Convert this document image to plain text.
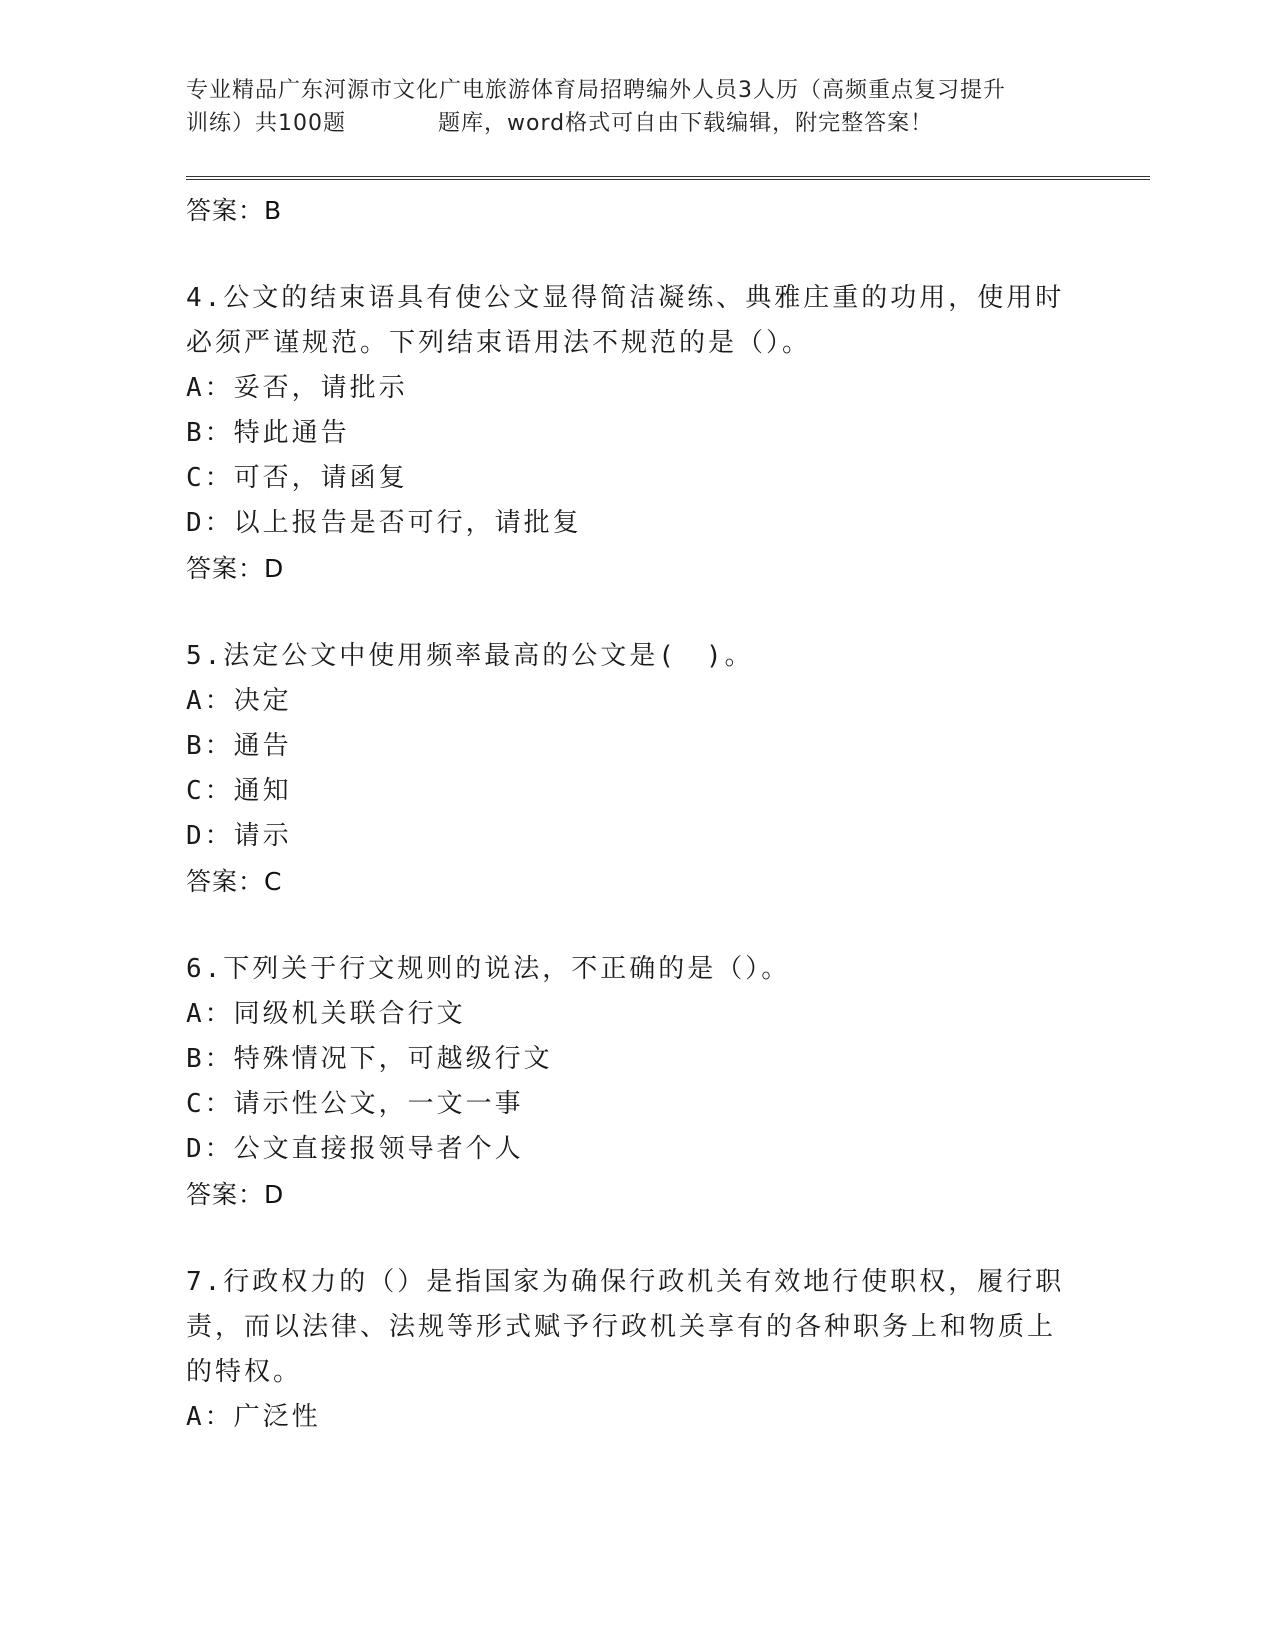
专业精品广东河源市文化广电旅游体育局招聘编外人员3人历（高频重点复习提升
训练）共100题　　　　题库，word格式可自由下载编辑，附完整答案！
答案：B
4.公文的结束语具有使公文显得简洁凝练、典雅庄重的功用，使用时
必须严谨规范。下列结束语用法不规范的是（）。
A：妥否，请批示
B：特此通告
C：可否，请函复
D：以上报告是否可行，请批复
答案：D
5.法定公文中使用频率最高的公文是(　)。
A：决定
B：通告
C：通知
D：请示
答案：C
6.下列关于行文规则的说法，不正确的是（）。
A：同级机关联合行文
B：特殊情况下，可越级行文
C：请示性公文，一文一事
D：公文直接报领导者个人
答案：D
7.行政权力的（）是指国家为确保行政机关有效地行使职权，履行职
责，而以法律、法规等形式赋予行政机关享有的各种职务上和物质上
的特权。
A：广泛性
